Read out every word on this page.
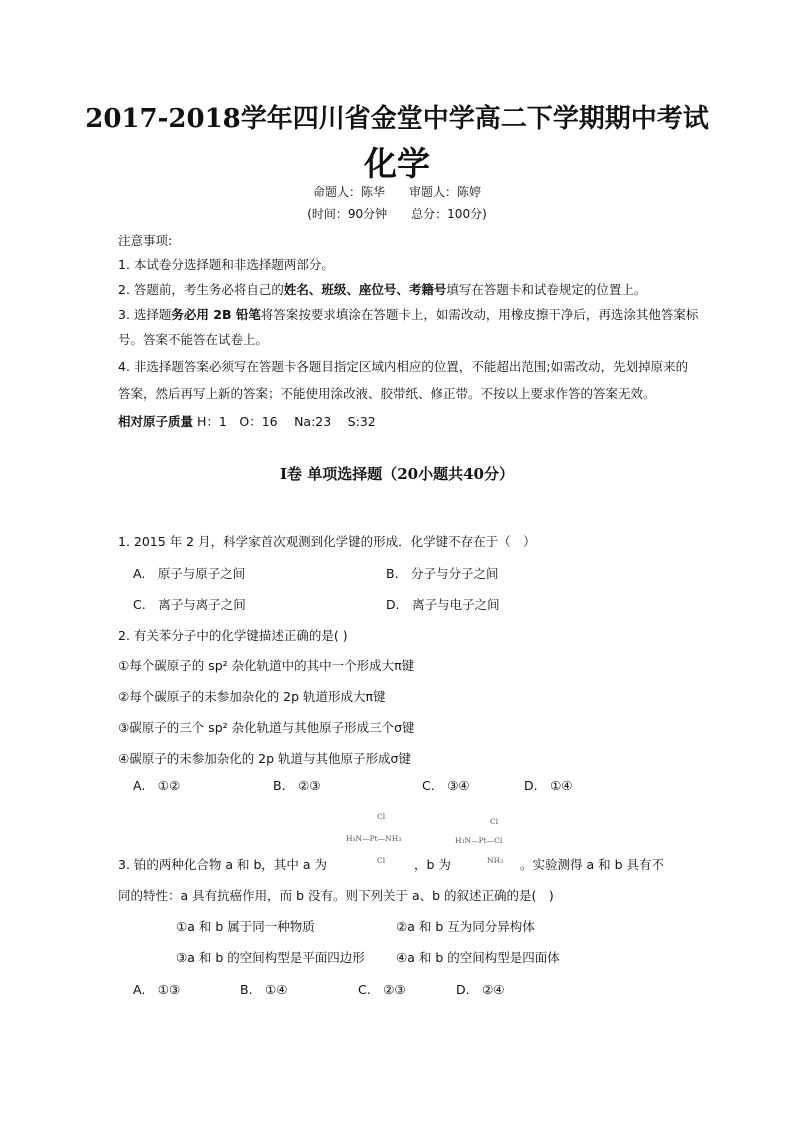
2017-2018学年四川省金堂中学高二下学期期中考试
化学
命题人：陈华　　审题人：陈婷
(时间：90分钟　　总分：100分)
注意事项:
1. 本试卷分选择题和非选择题两部分。
2. 答题前，考生务必将自己的姓名、班级、座位号、考籍号填写在答题卡和试卷规定的位置上。
3. 选择题务必用 2B 铅笔将答案按要求填涂在答题卡上，如需改动，用橡皮擦干净后，再选涂其他答案标
号。答案不能答在试卷上。
4. 非选择题答案必须写在答题卡各题目指定区域内相应的位置，不能超出范围;如需改动，先划掉原来的
答案，然后再写上新的答案；不能使用涂改液、胶带纸、修正带。不按以上要求作答的答案无效。
相对原子质量 H：1　O：16　 Na:23　 S:32
Ⅰ卷 单项选择题（20小题共40分）
1. 2015 年 2 月，科学家首次观测到化学键的形成．化学键不存在于（　）
A.　原子与原子之间	B.　分子与分子之间
C.　离子与离子之间	D.　离子与电子之间
2. 有关苯分子中的化学键描述正确的是( )
①每个碳原子的 sp² 杂化轨道中的其中一个形成大π键
②每个碳原子的未参加杂化的 2p 轨道形成大π键
③碳原子的三个 sp² 杂化轨道与其他原子形成三个σ键
④碳原子的未参加杂化的 2p 轨道与其他原子形成σ键
A.　①②	B.　②③	C.　③④	D.　①④
Cl
H₃N—Pt—NH₃
Cl
Cl
H₃N—Pt—Cl
NH₃
3. 铂的两种化合物 a 和 b，其中 a 为	，b 为	。实验测得 a 和 b 具有不
同的特性：a 具有抗癌作用，而 b 没有。则下列关于 a、b 的叙述正确的是(　)
①a 和 b 属于同一种物质	②a 和 b 互为同分异构体
③a 和 b 的空间构型是平面四边形	④a 和 b 的空间构型是四面体
A.　①③	B.　①④	C.　②③	D.　②④
